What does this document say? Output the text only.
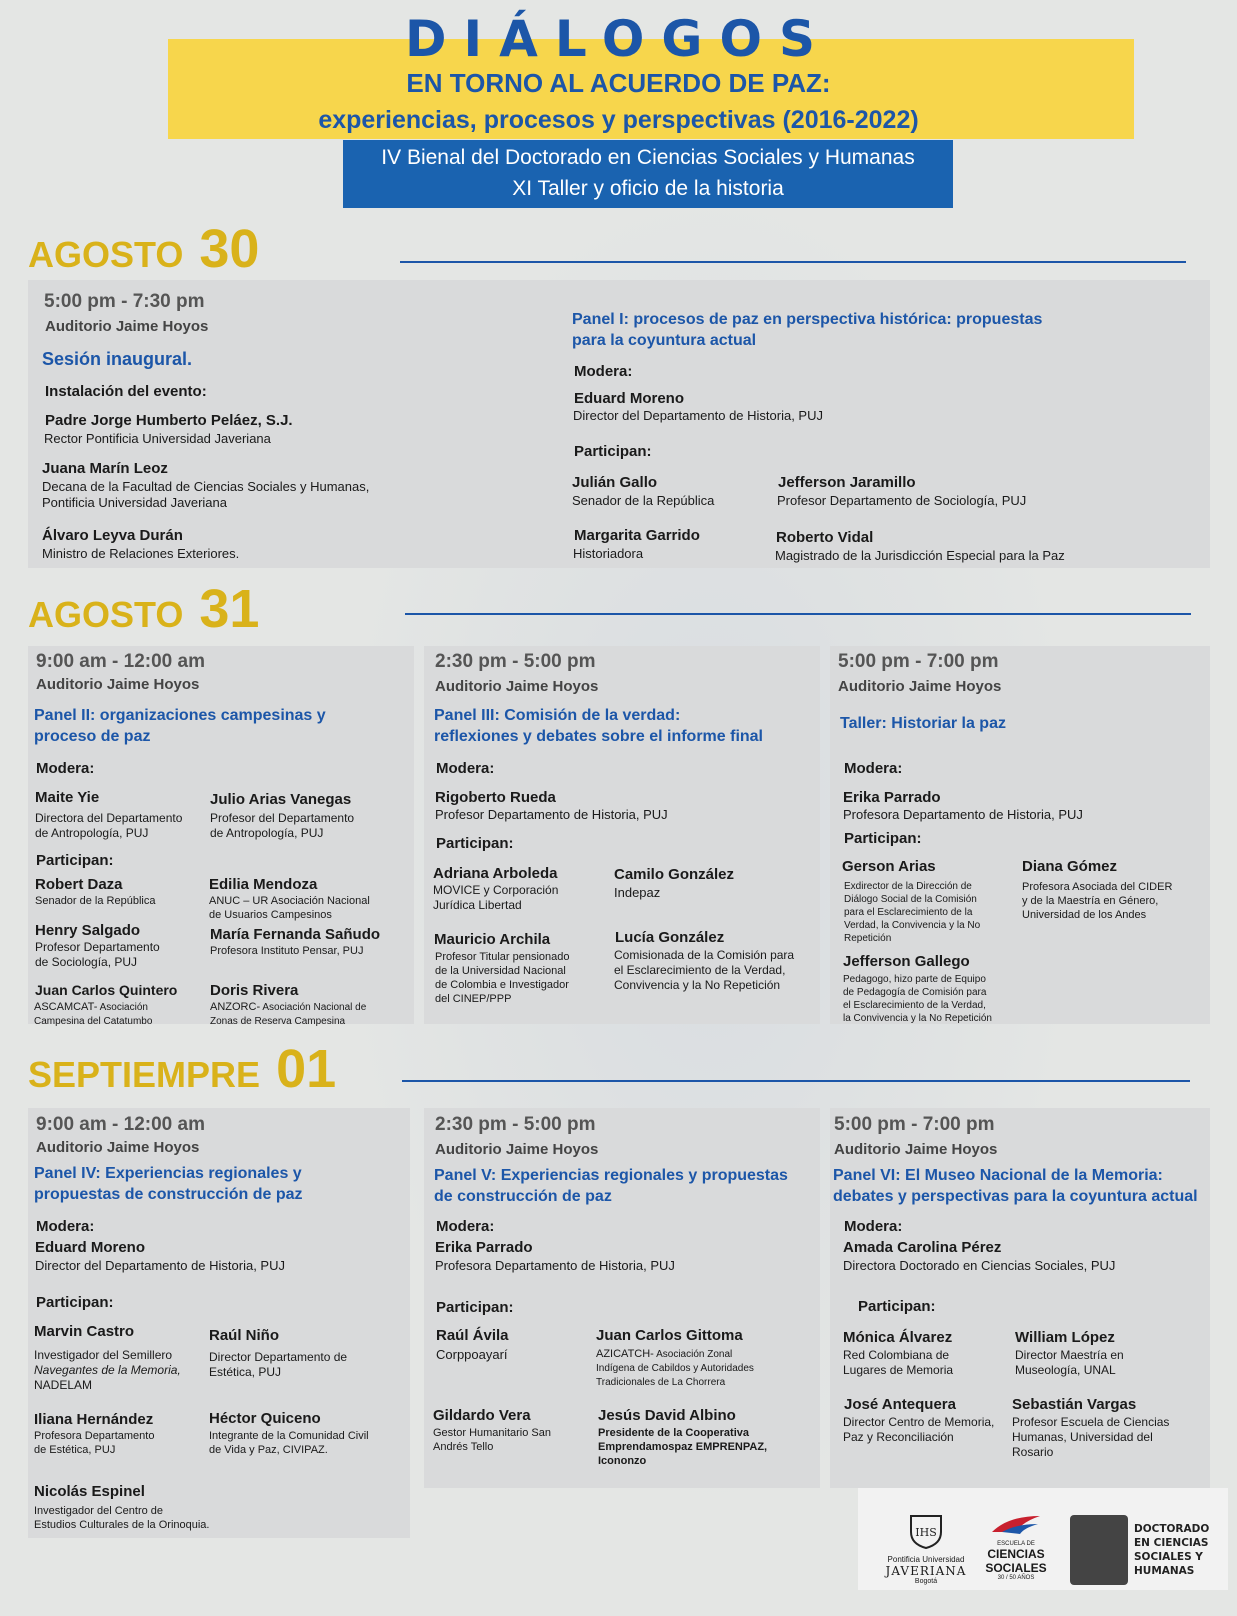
DIÁLOGOS
EN TORNO AL ACUERDO DE PAZ:
experiencias, procesos y perspectivas (2016-2022)
IV Bienal del Doctorado en Ciencias Sociales y Humanas
XI Taller y oficio de la historia
AGOSTO 30
5:00 pm - 7:30 pm
Auditorio Jaime Hoyos
Sesión inaugural.
Instalación del evento:
Padre Jorge Humberto Peláez, S.J.
Rector Pontificia Universidad Javeriana
Juana Marín Leoz
Decana de la Facultad de Ciencias Sociales y Humanas,
Pontificia Universidad Javeriana
Álvaro Leyva Durán
Ministro de Relaciones Exteriores.
Panel I: procesos de paz en perspectiva histórica: propuestas
para la coyuntura actual
Modera:
Eduard Moreno
Director del Departamento de Historia, PUJ
Participan:
Julián Gallo
Senador de la República
Jefferson Jaramillo
Profesor Departamento de Sociología, PUJ
Margarita Garrido
Historiadora
Roberto Vidal
Magistrado de la Jurisdicción Especial para la Paz
AGOSTO 31
9:00 am - 12:00 am
Auditorio Jaime Hoyos
Panel II: organizaciones campesinas y
proceso de paz
Modera:
Maite Yie
Directora del Departamento
de Antropología, PUJ
Julio Arias Vanegas
Profesor del Departamento
de Antropología, PUJ
Participan:
Robert Daza
Senador de la República
Edilia Mendoza
ANUC – UR Asociación Nacional
de Usuarios Campesinos
Henry Salgado
Profesor Departamento
de Sociología, PUJ
María Fernanda Sañudo
Profesora Instituto Pensar, PUJ
Juan Carlos Quintero
ASCAMCAT- Asociación
Campesina del Catatumbo
Doris Rivera
ANZORC- Asociación Nacional de
Zonas de Reserva Campesina
2:30 pm - 5:00 pm
Auditorio Jaime Hoyos
Panel III: Comisión de la verdad:
reflexiones y debates sobre el informe final
Modera:
Rigoberto Rueda
Profesor Departamento de Historia, PUJ
Participan:
Adriana Arboleda
MOVICE y Corporación
Jurídica Libertad
Camilo González
Indepaz
Mauricio Archila
Profesor Titular pensionado
de la Universidad Nacional
de Colombia e Investigador
del CINEP/PPP
Lucía González
Comisionada de la Comisión para
el Esclarecimiento de la Verdad,
Convivencia y la No Repetición
5:00 pm - 7:00 pm
Auditorio Jaime Hoyos
Taller: Historiar la paz
Modera:
Erika Parrado
Profesora Departamento de Historia, PUJ
Participan:
Gerson Arias
Exdirector de la Dirección de
Diálogo Social de la Comisión
para el Esclarecimiento de la
Verdad, la Convivencia y la No
Repetición
Diana Gómez
Profesora Asociada del CIDER
y de la Maestría en Género,
Universidad de los Andes
Jefferson Gallego
Pedagogo, hizo parte de Equipo
de Pedagogía de Comisión para
el Esclarecimiento de la Verdad,
la Convivencia y la No Repetición
SEPTIEMPRE 01
9:00 am - 12:00 am
Auditorio Jaime Hoyos
Panel IV: Experiencias regionales y
propuestas de construcción de paz
Modera:
Eduard Moreno
Director del Departamento de Historia, PUJ
Participan:
Marvin Castro
Investigador del Semillero
Navegantes de la Memoria,
NADELAM
Raúl Niño
Director Departamento de
Estética, PUJ
Iliana Hernández
Profesora Departamento
de Estética, PUJ
Héctor Quiceno
Integrante de la Comunidad Civil
de Vida y Paz, CIVIPAZ.
Nicolás Espinel
Investigador del Centro de
Estudios Culturales de la Orinoquia.
2:30 pm - 5:00 pm
Auditorio Jaime Hoyos
Panel V: Experiencias regionales y propuestas
de construcción de paz
Modera:
Erika Parrado
Profesora Departamento de Historia, PUJ
Participan:
Raúl Ávila
Corppoayarí
Juan Carlos Gittoma
AZICATCH- Asociación Zonal
Indígena de Cabildos y Autoridades
Tradicionales de La Chorrera
Gildardo Vera
Gestor Humanitario San
Andrés Tello
Jesús David Albino
Presidente de la Cooperativa
Emprendamospaz EMPRENPAZ,
Icononzo
5:00 pm - 7:00 pm
Auditorio Jaime Hoyos
Panel VI: El Museo Nacional de la Memoria:
debates y perspectivas para la coyuntura actual
Modera:
Amada Carolina Pérez
Directora Doctorado en Ciencias Sociales, PUJ
Participan:
Mónica Álvarez
Red Colombiana de
Lugares de Memoria
William López
Director Maestría en
Museología, UNAL
José Antequera
Director Centro de Memoria,
Paz y Reconciliación
Sebastián Vargas
Profesor Escuela de Ciencias
Humanas, Universidad del
Rosario
IHS
Pontificia Universidad
JAVERIANA
Bogotá
ESCUELA DE
CIENCIAS
SOCIALES
30 / 50 AÑOS
DOCTORADO
EN CIENCIAS
SOCIALES Y
HUMANAS
